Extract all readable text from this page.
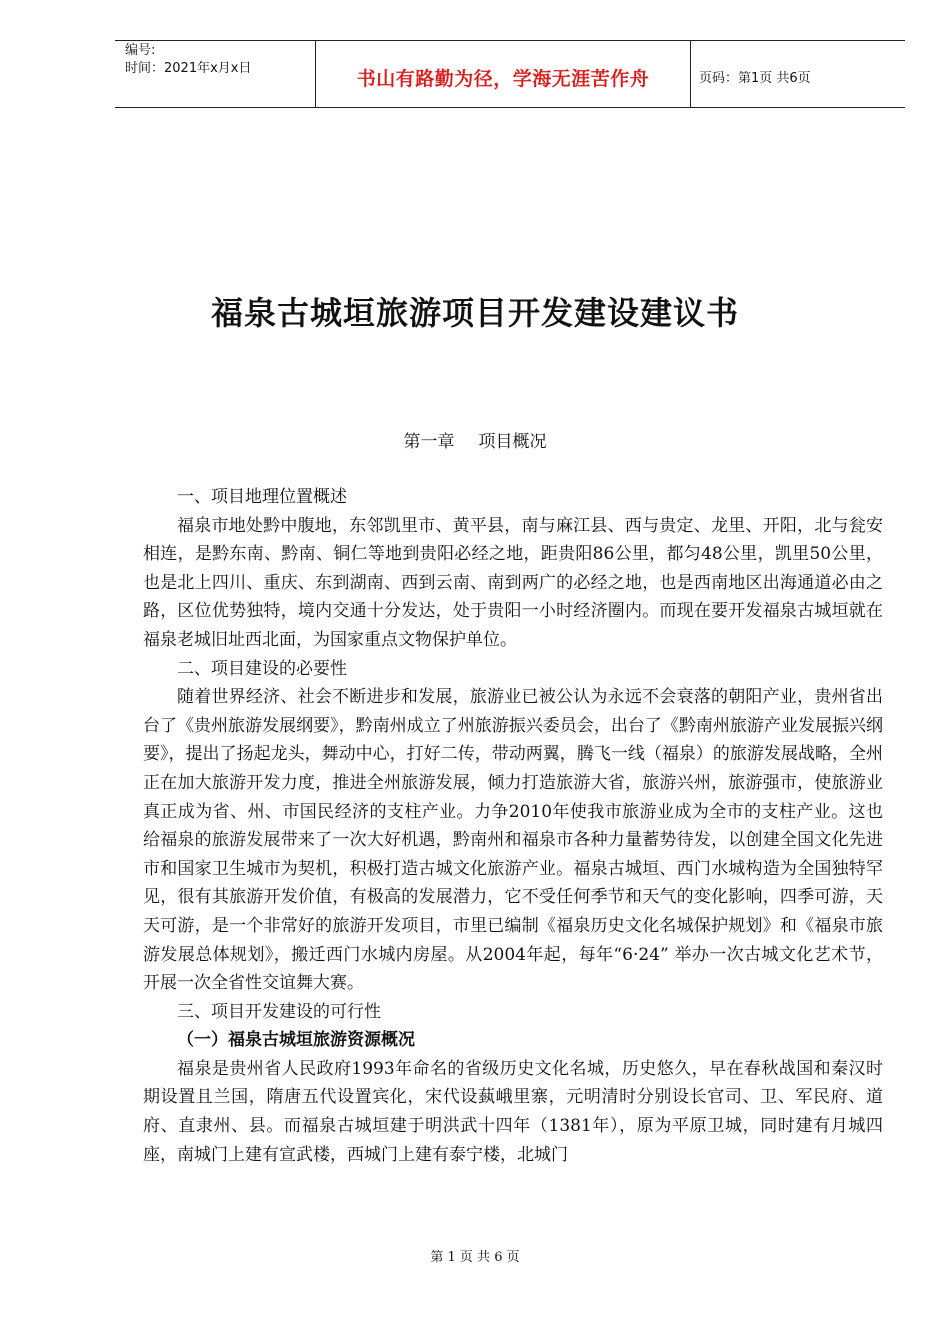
编号:
时间：2021年x月x日	书山有路勤为径，学海无涯苦作舟	页码：第1页 共6页
福泉古城垣旅游项目开发建设建议书
第一章 项目概况

一、项目地理位置概述

福泉市地处黔中腹地，东邻凯里市、黄平县，南与麻江县、西与贵定、龙里、开阳，北与瓮安相连，是黔东南、黔南、铜仁等地到贵阳必经之地，距贵阳86公里，都匀48公里，凯里50公里，也是北上四川、重庆、东到湖南、西到云南、南到两广的必经之地，也是西南地区出海通道必由之路，区位优势独特，境内交通十分发达，处于贵阳一小时经济圈内。而现在要开发福泉古城垣就在福泉老城旧址西北面，为国家重点文物保护单位。

二、项目建设的必要性

随着世界经济、社会不断进步和发展，旅游业已被公认为永远不会衰落的朝阳产业，贵州省出台了《贵州旅游发展纲要》，黔南州成立了州旅游振兴委员会，出台了《黔南州旅游产业发展振兴纲要》，提出了扬起龙头，舞动中心，打好二传，带动两翼，腾飞一线（福泉）的旅游发展战略，全州正在加大旅游开发力度，推进全州旅游发展，倾力打造旅游大省，旅游兴州，旅游强市，使旅游业真正成为省、州、市国民经济的支柱产业。力争2010年使我市旅游业成为全市的支柱产业。这也给福泉的旅游发展带来了一次大好机遇，黔南州和福泉市各种力量蓄势待发，以创建全国文化先进市和国家卫生城市为契机，积极打造古城文化旅游产业。福泉古城垣、西门水城构造为全国独特罕见，很有其旅游开发价值，有极高的发展潜力，它不受任何季节和天气的变化影响，四季可游，天天可游，是一个非常好的旅游开发项目，市里已编制《福泉历史文化名城保护规划》和《福泉市旅游发展总体规划》，搬迁西门水城内房屋。从2004年起，每年“6·24” 举办一次古城文化艺术节，开展一次全省性交谊舞大赛。

三、项目开发建设的可行性

（一）福泉古城垣旅游资源概况

福泉是贵州省人民政府1993年命名的省级历史文化名城，历史悠久，早在春秋战国和秦汉时期设置且兰国，隋唐五代设置宾化，宋代设蓺峨里寨，元明清时分别设长官司、卫、军民府、道府、直隶州、县。而福泉古城垣建于明洪武十四年（1381年），原为平原卫城，同时建有月城四座，南城门上建有宣武楼，西城门上建有泰宁楼，北城门

第 1 页 共 6 页
